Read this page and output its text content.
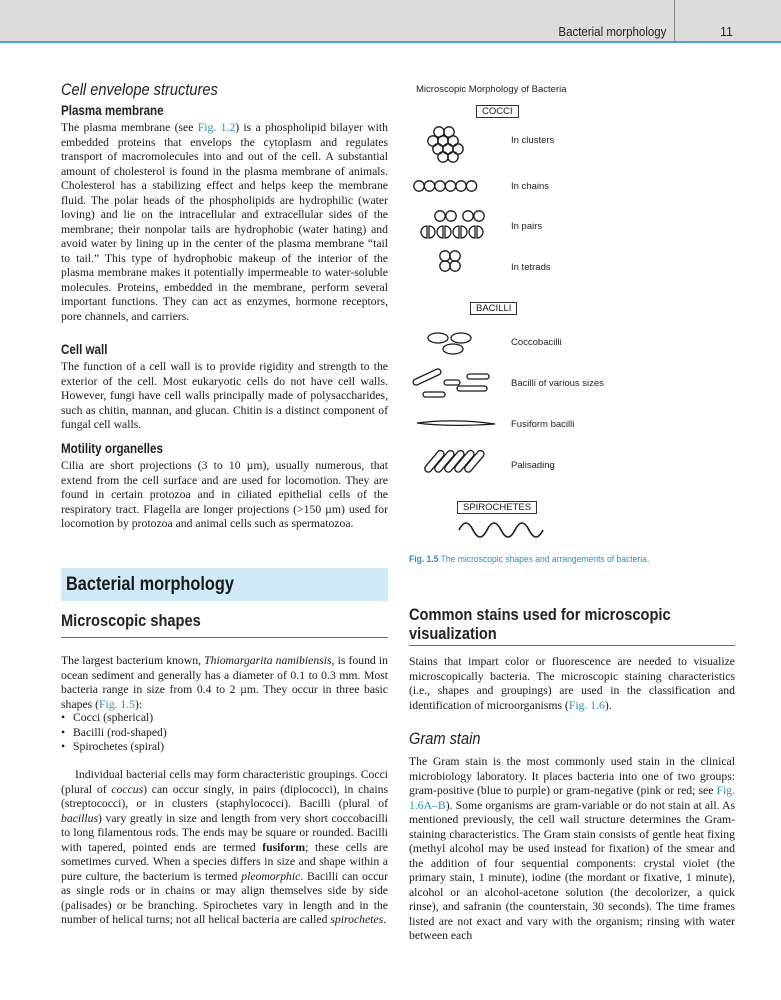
Bacterial morphology	11
Cell envelope structures
Plasma membrane

The plasma membrane (see Fig. 1.2) is a phospholipid bilayer with embedded proteins that envelops the cytoplasm and regulates transport of macromolecules into and out of the cell. A substantial amount of cholesterol is found in the plasma membrane of animals. Cholesterol has a stabilizing effect and helps keep the membrane fluid. The polar heads of the phospholipids are hydrophilic (water loving) and lie on the intracellular and extracellular sides of the membrane; their nonpolar tails are hydrophobic (water hating) and avoid water by lining up in the center of the plasma membrane “tail to tail.” This type of hydrophobic makeup of the interior of the plasma membrane makes it potentially impermeable to water-soluble molecules. Proteins, embedded in the membrane, perform several important functions. They can act as enzymes, hormone receptors, pore channels, and carriers.

Cell wall

The function of a cell wall is to provide rigidity and strength to the exterior of the cell. Most eukaryotic cells do not have cell walls. However, fungi have cell walls principally made of polysaccharides, such as chitin, mannan, and glucan. Chitin is a distinct component of fungal cell walls.

Motility organelles

Cilia are short projections (3 to 10 µm), usually numerous, that extend from the cell surface and are used for locomotion. They are found in certain protozoa and in ciliated epithelial cells of the respiratory tract. Flagella are longer projections (>150 µm) used for locomotion by protozoa and animal cells such as spermatozoa.

Bacterial morphology
Microscopic shapes

The largest bacterium known, Thiomargarita namibiensis, is found in ocean sediment and generally has a diameter of 0.1 to 0.3 mm. Most bacteria range in size from 0.4 to 2 µm. They occur in three basic shapes (Fig. 1.5):

• Cocci (spherical)
• Bacilli (rod-shaped)
• Spirochetes (spiral)

Individual bacterial cells may form characteristic groupings. Cocci (plural of coccus) can occur singly, in pairs (diplococci), in chains (streptococci), or in clusters (staphylococci). Bacilli (plural of bacillus) vary greatly in size and length from very short coccobacilli to long filamentous rods. The ends may be square or rounded. Bacilli with tapered, pointed ends are termed fusiform; these cells are sometimes curved. When a species differs in size and shape within a pure culture, the bacterium is termed pleomorphic. Bacilli can occur as single rods or in chains or may align themselves side by side (palisades) or be branching. Spirochetes vary in length and in the number of helical turns; not all helical bacteria are called spirochetes.

Microscopic Morphology of Bacteria
COCCI
In clusters
In chains
In pairs
In tetrads
BACILLI
Coccobacilli
Bacilli of various sizes
Fusiform bacilli
Palisading
SPIROCHETES
Fig. 1.5 The microscopic shapes and arrangements of bacteria.
Common stains used for microscopic visualization

Stains that impart color or fluorescence are needed to visualize microscopically bacteria. The microscopic staining characteristics (i.e., shapes and groupings) are used in the classification and identification of microorganisms (Fig. 1.6).

Gram stain

The Gram stain is the most commonly used stain in the clinical microbiology laboratory. It places bacteria into one of two groups: gram-positive (blue to purple) or gram-negative (pink or red; see Fig. 1.6A–B). Some organisms are gram-variable or do not stain at all. As mentioned previously, the cell wall structure determines the Gram-staining characteristics. The Gram stain consists of gentle heat fixing (methyl alcohol may be used instead for fixation) of the smear and the addition of four sequential components: crystal violet (the primary stain, 1 minute), iodine (the mordant or fixative, 1 minute), alcohol or an alcohol-acetone solution (the decolorizer, a quick rinse), and safranin (the counterstain, 30 seconds). The time frames listed are not exact and vary with the organism; rinsing with water between each
